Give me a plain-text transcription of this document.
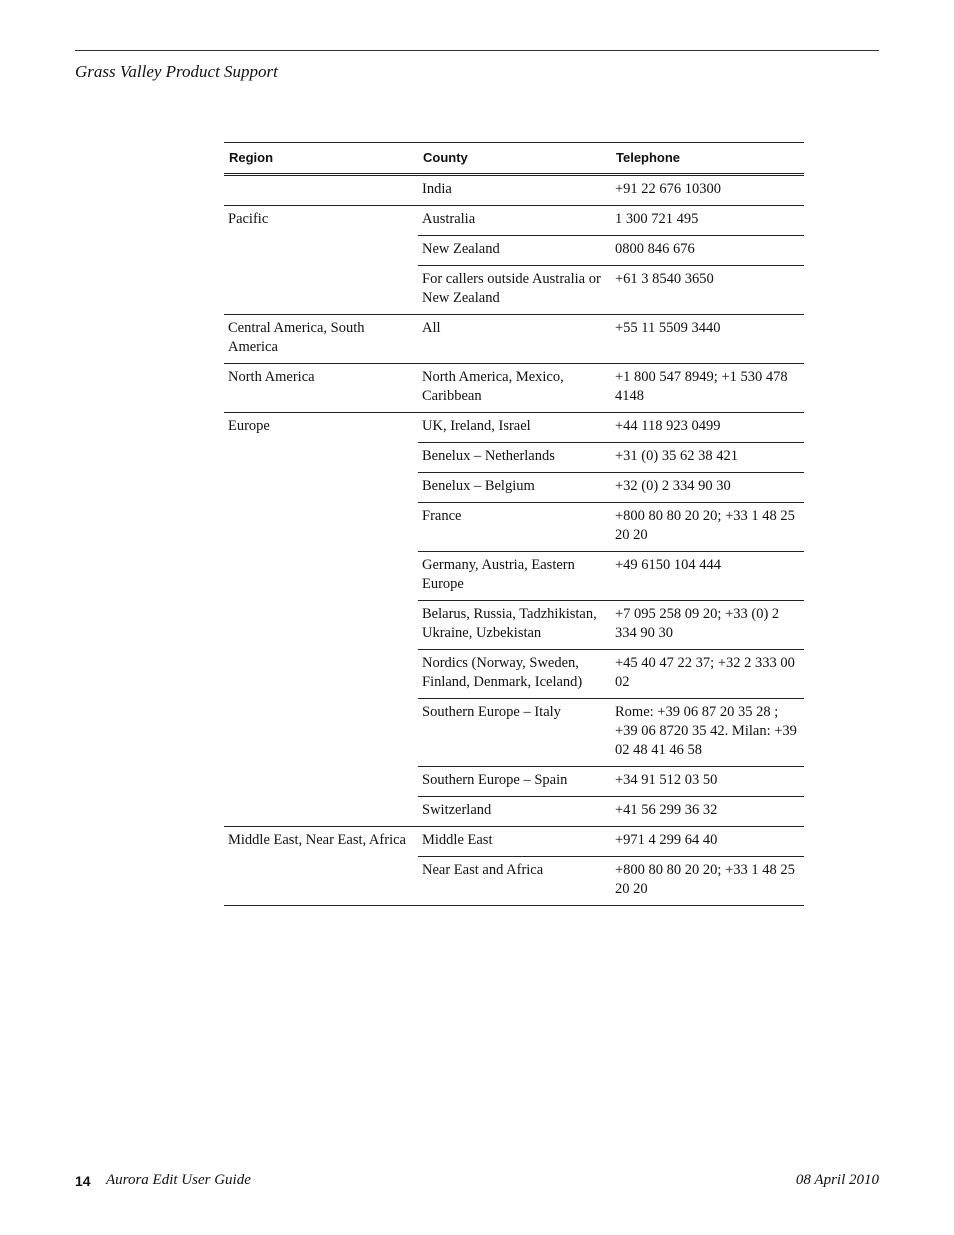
Grass Valley Product Support
Region	County	Telephone
	India	+91 22 676 10300
Pacific	Australia	1 300 721 495
	New Zealand	0800 846 676
	For callers outside Australia or New Zealand	+61 3 8540 3650
Central America, South America	All	+55 11 5509 3440
North America	North America, Mexico, Caribbean	+1 800 547 8949; +1 530 478 4148
Europe	UK, Ireland, Israel	+44 118 923 0499
	Benelux – Netherlands	+31 (0) 35 62 38 421
	Benelux – Belgium	+32 (0) 2 334 90 30
	France	+800 80 80 20 20; +33 1 48 25 20 20
	Germany, Austria, Eastern Europe	+49 6150 104 444
	Belarus, Russia, Tadzhikistan, Ukraine, Uzbekistan	+7 095 258 09 20; +33 (0) 2 334 90 30
	Nordics (Norway, Sweden, Finland, Denmark, Iceland)	+45 40 47 22 37; +32 2 333 00 02
	Southern Europe – Italy	Rome: +39 06 87 20 35 28 ; +39 06 8720 35 42. Milan: +39 02 48 41 46 58
	Southern Europe – Spain	+34 91 512 03 50
	Switzerland	+41 56 299 36 32
Middle East, Near East, Africa	Middle East	+971 4 299 64 40
	Near East and Africa	+800 80 80 20 20; +33 1 48 25 20 20
14 Aurora Edit User Guide	08 April 2010
